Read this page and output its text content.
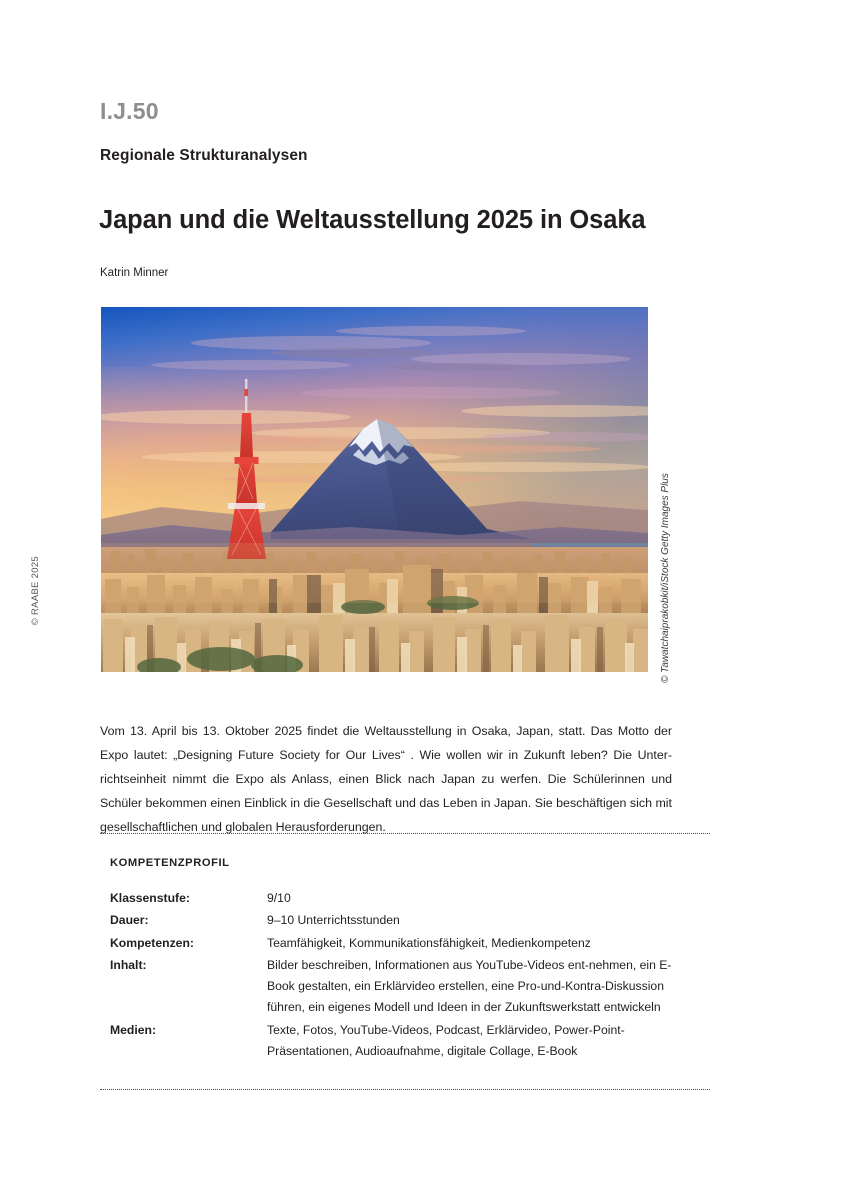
© RAABE 2025
I.J.50
Regionale Strukturanalysen
Japan und die Weltausstellung 2025 in Osaka
Katrin Minner
© Tawatchaiprakobkit/iStock Getty Images Plus

Vom 13. April bis 13. Oktober 2025 findet die Weltausstellung in Osaka, Japan, statt. Das Motto der Expo lautet: „Designing Future Society for Our Lives“ . Wie wollen wir in Zukunft leben? Die Unter-richtseinheit nimmt die Expo als Anlass, einen Blick nach Japan zu werfen. Die Schülerinnen und Schüler bekommen einen Einblick in die Gesellschaft und das Leben in Japan. Sie beschäftigen sich mit gesellschaftlichen und globalen Herausforderungen.

KOMPETENZPROFIL
Klassenstufe:	9/10
Dauer:	9–10 Unterrichtsstunden
Kompetenzen:	Teamfähigkeit, Kommunikationsfähigkeit, Medienkompetenz
Inhalt:	Bilder beschreiben, Informationen aus YouTube-Videos ent-nehmen, ein E-Book gestalten, ein Erklärvideo erstellen, eine Pro-und-Kontra-Diskussion führen, ein eigenes Modell und Ideen in der Zukunftswerkstatt entwickeln
Medien:	Texte, Fotos, YouTube-Videos, Podcast, Erklärvideo, Power-Point-Präsentationen, Audioaufnahme, digitale Collage, E-Book
